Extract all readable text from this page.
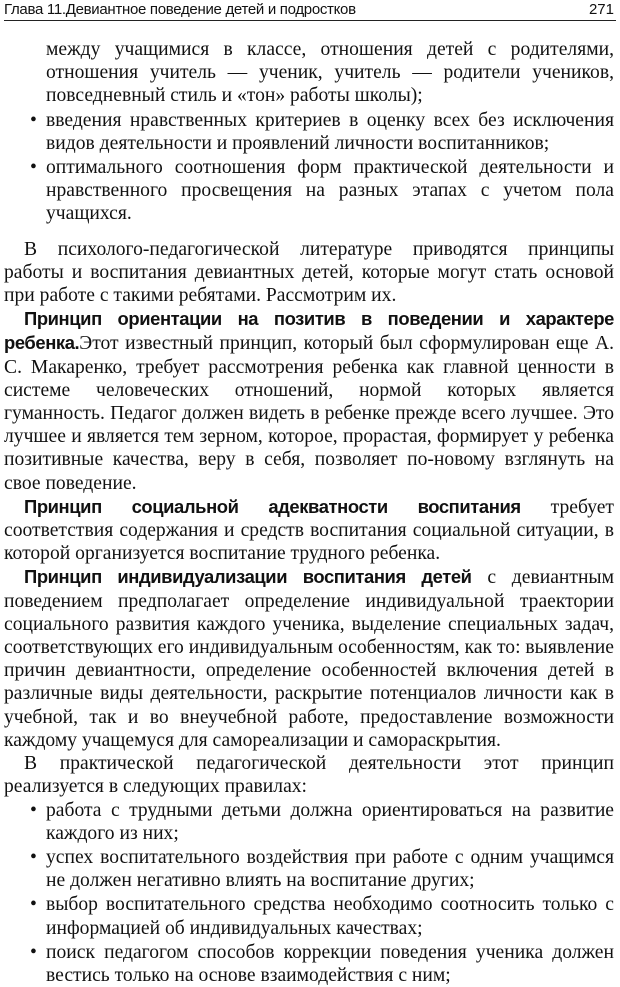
Глава 11.Девиантное поведение детей и подростков	271

между учащимися в классе, отношения детей с родителями, отношения учитель — ученик, учитель — родители учеников, повседневный стиль и «тон» работы школы);

• введения нравственных критериев в оценку всех без исключения видов деятельности и проявлений личности воспитанников;

• оптимального соотношения форм практической деятельности и нравственного просвещения на разных этапах с учетом пола учащихся.

В психолого-педагогической литературе приводятся принципы работы и воспитания девиантных детей, которые могут стать основой при работе с такими ребятами. Рассмотрим их.

Принцип ориентации на позитив в поведении и характере ребенка.Этот известный принцип, который был сформулирован еще А. С. Макаренко, требует рассмотрения ребенка как главной ценности в системе человеческих отношений, нормой которых является гуманность. Педагог должен видеть в ребенке прежде всего лучшее. Это лучшее и является тем зерном, которое, прорастая, формирует у ребенка позитивные качества, веру в себя, позволяет по-новому взглянуть на свое поведение.

Принцип социальной адекватности воспитания требует соответствия содержания и средств воспитания социальной ситуации, в которой организуется воспитание трудного ребенка.

Принцип индивидуализации воспитания детей с девиантным поведением предполагает определение индивидуальной траектории социального развития каждого ученика, выделение специальных задач, соответствующих его индивидуальным особенностям, как то: выявление причин девиантности, определение особенностей включения детей в различные виды деятельности, раскрытие потенциалов личности как в учебной, так и во внеучебной работе, предоставление возможности каждому учащемуся для самореализации и самораскрытия.

В практической педагогической деятельности этот принцип реализуется в следующих правилах:

• работа с трудными детьми должна ориентироваться на развитие каждого из них;

• успех воспитательного воздействия при работе с одним учащимся не должен негативно влиять на воспитание других;

• выбор воспитательного средства необходимо соотносить только с информацией об индивидуальных качествах;

• поиск педагогом способов коррекции поведения ученика должен вестись только на основе взаимодействия с ним;
